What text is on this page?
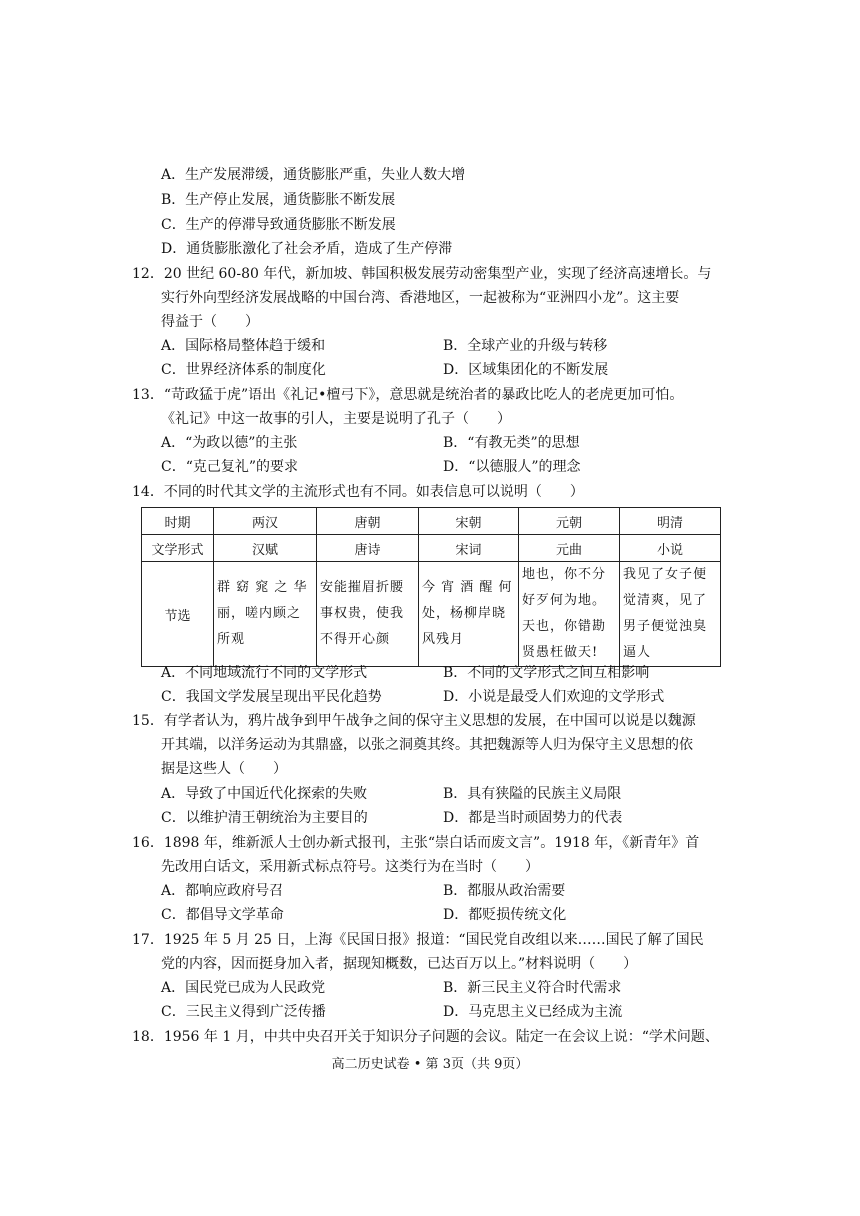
A．生产发展滞缓，通货膨胀严重，失业人数大增
B．生产停止发展，通货膨胀不断发展
C．生产的停滞导致通货膨胀不断发展
D．通货膨胀激化了社会矛盾，造成了生产停滞
12．20 世纪 60-80 年代，新加坡、韩国积极发展劳动密集型产业，实现了经济高速增长。与
实行外向型经济发展战略的中国台湾、香港地区，一起被称为“亚洲四小龙”。这主要
得益于（　　）
A．国际格局整体趋于缓和	B．全球产业的升级与转移
C．世界经济体系的制度化	D．区域集团化的不断发展
13．“苛政猛于虎”语出《礼记•檀弓下》，意思就是统治者的暴政比吃人的老虎更加可怕。
《礼记》中这一故事的引人，主要是说明了孔子（　　）
A．“为政以德”的主张	B．“有教无类”的思想
C．“克己复礼”的要求	D．“以德服人”的理念
14．不同的时代其文学的主流形式也有不同。如表信息可以说明（　　）
时期	两汉	唐朝	宋朝	元朝	明清
文学形式	汉赋	唐诗	宋词	元曲	小说
节选	群 窈 窕 之 华丽，嗟内顾之所观	安能摧眉折腰事权贵，使我不得开心颜	今 宵 酒 醒 何处，杨柳岸晓风残月	地也，你不分好歹何为地。天也，你错勘贤愚枉做天!	我见了女子便觉清爽，见了男子便觉浊臭逼人
A．不同地域流行不同的文学形式	B．不同的文学形式之间互相影响
C．我国文学发展呈现出平民化趋势	D．小说是最受人们欢迎的文学形式
15．有学者认为，鸦片战争到甲午战争之间的保守主义思想的发展，在中国可以说是以魏源
开其端，以洋务运动为其鼎盛，以张之洞奠其终。其把魏源等人归为保守主义思想的依
据是这些人（　　）
A．导致了中国近代化探索的失败	B．具有狭隘的民族主义局限
C．以维护清王朝统治为主要目的	D．都是当时顽固势力的代表
16．1898 年，维新派人士创办新式报刊，主张“崇白话而废文言”。1918 年，《新青年》首
先改用白话文，采用新式标点符号。这类行为在当时（　　）
A．都响应政府号召	B．都服从政治需要
C．都倡导文学革命	D．都贬损传统文化
17．1925 年 5 月 25 日，上海《民国日报》报道：“国民党自改组以来……国民了解了国民
党的内容，因而挺身加入者，据现知概数，已达百万以上。”材料说明（　　）
A．国民党已成为人民政党	B．新三民主义符合时代需求
C．三民主义得到广泛传播	D．马克思主义已经成为主流
18．1956 年 1 月，中共中央召开关于知识分子问题的会议。陆定一在会议上说：“学术问题、
高二历史试卷 • 第 3页（共 9页）
